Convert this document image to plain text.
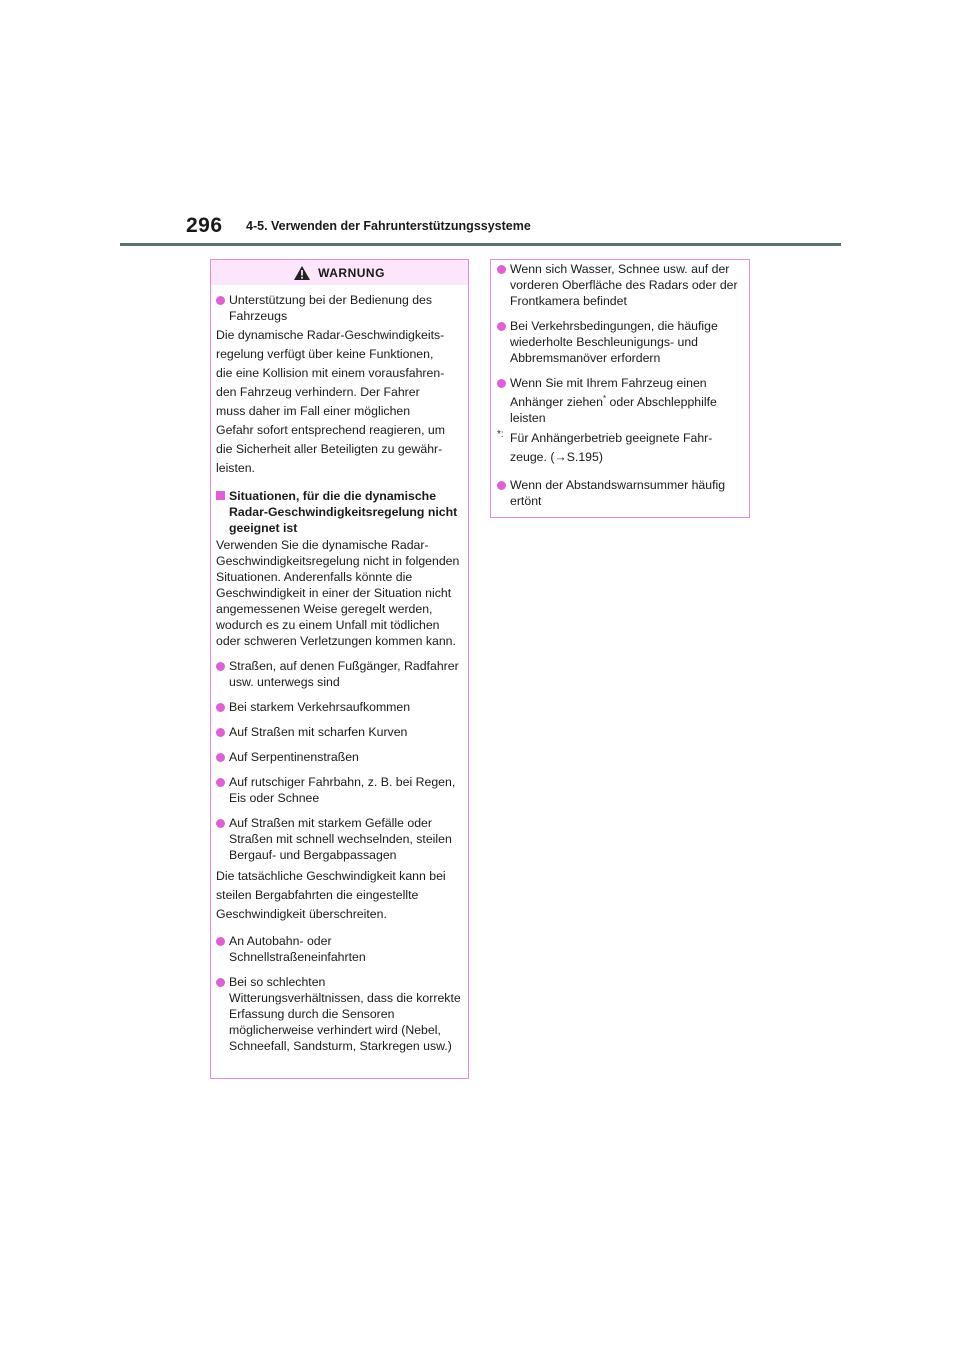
296 4-5. Verwenden der Fahrunterstützungssysteme
WARNUNG
Unterstützung bei der Bedienung des Fahrzeugs
Die dynamische Radar-Geschwindigkeits-
regelung verfügt über keine Funktionen,
die eine Kollision mit einem vorausfahren-
den Fahrzeug verhindern. Der Fahrer
muss daher im Fall einer möglichen
Gefahr sofort entsprechend reagieren, um
die Sicherheit aller Beteiligten zu gewähr-
leisten.
Situationen, für die die dynamische Radar-Geschwindigkeitsregelung nicht geeignet ist
Verwenden Sie die dynamische Radar-Geschwindigkeitsregelung nicht in folgenden Situationen. Anderenfalls könnte die Geschwindigkeit in einer der Situation nicht angemessenen Weise geregelt werden, wodurch es zu einem Unfall mit tödlichen oder schweren Verletzungen kommen kann.
Straßen, auf denen Fußgänger, Radfahrer usw. unterwegs sind
Bei starkem Verkehrsaufkommen
Auf Straßen mit scharfen Kurven
Auf Serpentinenstraßen
Auf rutschiger Fahrbahn, z. B. bei Regen, Eis oder Schnee
Auf Straßen mit starkem Gefälle oder Straßen mit schnell wechselnden, steilen Bergauf- und Bergabpassagen
Die tatsächliche Geschwindigkeit kann bei
steilen Bergabfahrten die eingestellte
Geschwindigkeit überschreiten.
An Autobahn- oder Schnellstraßeneinfahrten
Bei so schlechten Witterungsverhältnissen, dass die korrekte Erfassung durch die Sensoren möglicherweise verhindert wird (Nebel, Schneefall, Sandsturm, Starkregen usw.)
Wenn sich Wasser, Schnee usw. auf der vorderen Oberfläche des Radars oder der Frontkamera befindet
Bei Verkehrsbedingungen, die häufige wiederholte Beschleunigungs- und Abbremsmanöver erfordern
Wenn Sie mit Ihrem Fahrzeug einen Anhänger ziehen* oder Abschlepphilfe leisten
*: Für Anhängerbetrieb geeignete Fahr-
zeuge. (→S.195)
Wenn der Abstandswarnsummer häufig ertönt
